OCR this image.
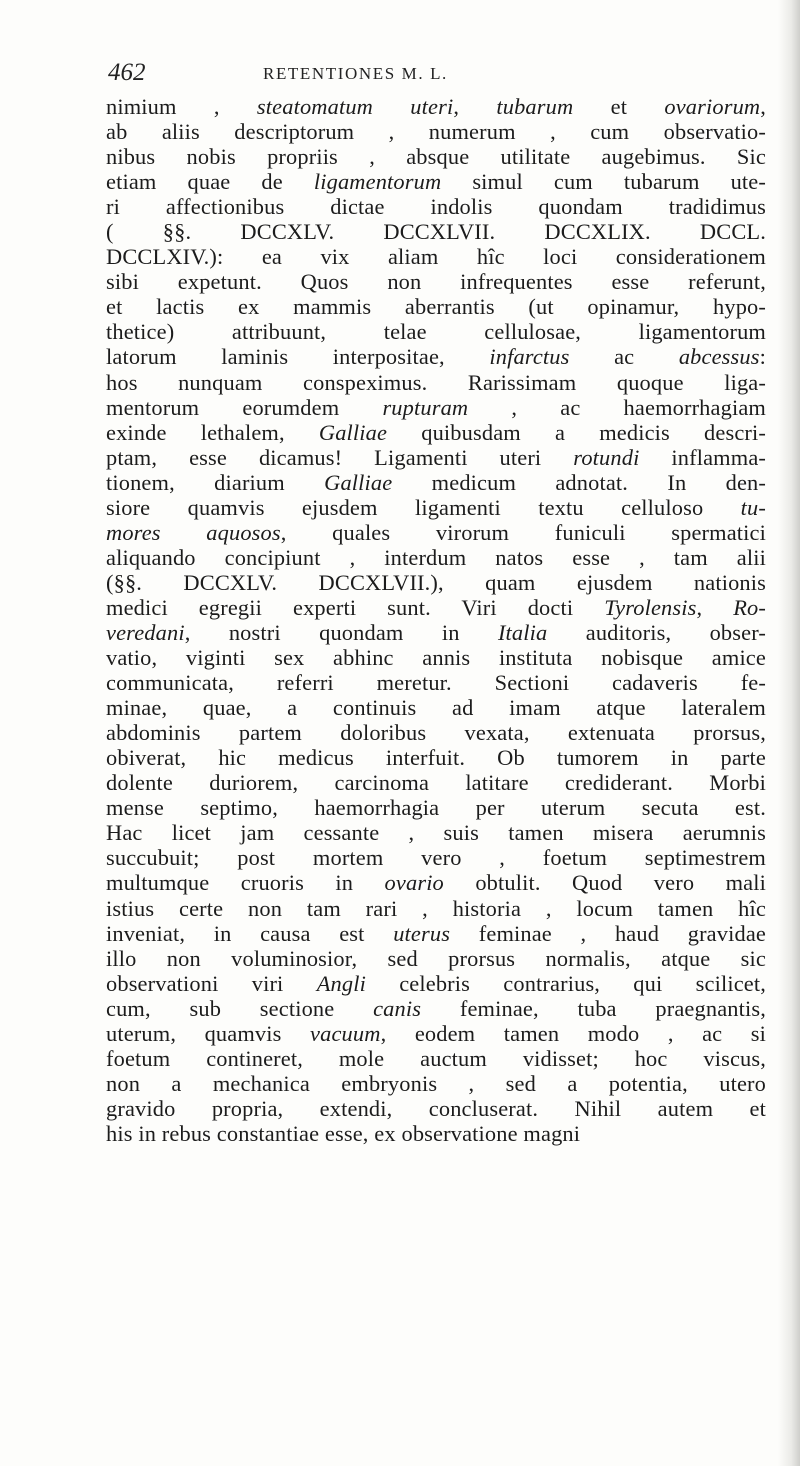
462	RETENTIONES M. L.
nimium , steatomatum uteri, tubarum et ovariorum,
ab aliis descriptorum , numerum , cum observatio-
nibus nobis propriis , absque utilitate augebimus. Sic
etiam quae de ligamentorum simul cum tubarum ute-
ri affectionibus dictae indolis quondam tradidimus
( §§. DCCXLV. DCCXLVII. DCCXLIX. DCCL.
DCCLXIV.): ea vix aliam hîc loci considerationem
sibi expetunt. Quos non infrequentes esse referunt,
et lactis ex mammis aberrantis (ut opinamur, hypo-
thetice) attribuunt, telae cellulosae, ligamentorum
latorum laminis interpositae, infarctus ac abcessus:
hos nunquam conspeximus. Rarissimam quoque liga-
mentorum eorumdem rupturam , ac haemorrhagiam
exinde lethalem, Galliae quibusdam a medicis descri-
ptam, esse dicamus! Ligamenti uteri rotundi inflamma-
tionem, diarium Galliae medicum adnotat. In den-
siore quamvis ejusdem ligamenti textu celluloso tu-
mores aquosos, quales virorum funiculi spermatici
aliquando concipiunt , interdum natos esse , tam alii
(§§. DCCXLV. DCCXLVII.), quam ejusdem nationis
medici egregii experti sunt. Viri docti Tyrolensis, Ro-
veredani, nostri quondam in Italia auditoris, obser-
vatio, viginti sex abhinc annis instituta nobisque amice
communicata, referri meretur. Sectioni cadaveris fe-
minae, quae, a continuis ad imam atque lateralem
abdominis partem doloribus vexata, extenuata prorsus,
obiverat, hic medicus interfuit. Ob tumorem in parte
dolente duriorem, carcinoma latitare crediderant. Morbi
mense septimo, haemorrhagia per uterum secuta est.
Hac licet jam cessante , suis tamen misera aerumnis
succubuit; post mortem vero , foetum septimestrem
multumque cruoris in ovario obtulit. Quod vero mali
istius certe non tam rari , historia , locum tamen hîc
inveniat, in causa est uterus feminae , haud gravidae
illo non voluminosior, sed prorsus normalis, atque sic
observationi viri Angli celebris contrarius, qui scilicet,
cum, sub sectione canis feminae, tuba praegnantis,
uterum, quamvis vacuum, eodem tamen modo , ac si
foetum contineret, mole auctum vidisset; hoc viscus,
non a mechanica embryonis , sed a potentia, utero
gravido propria, extendi, concluserat. Nihil autem et
his in rebus constantiae esse, ex observatione magni
